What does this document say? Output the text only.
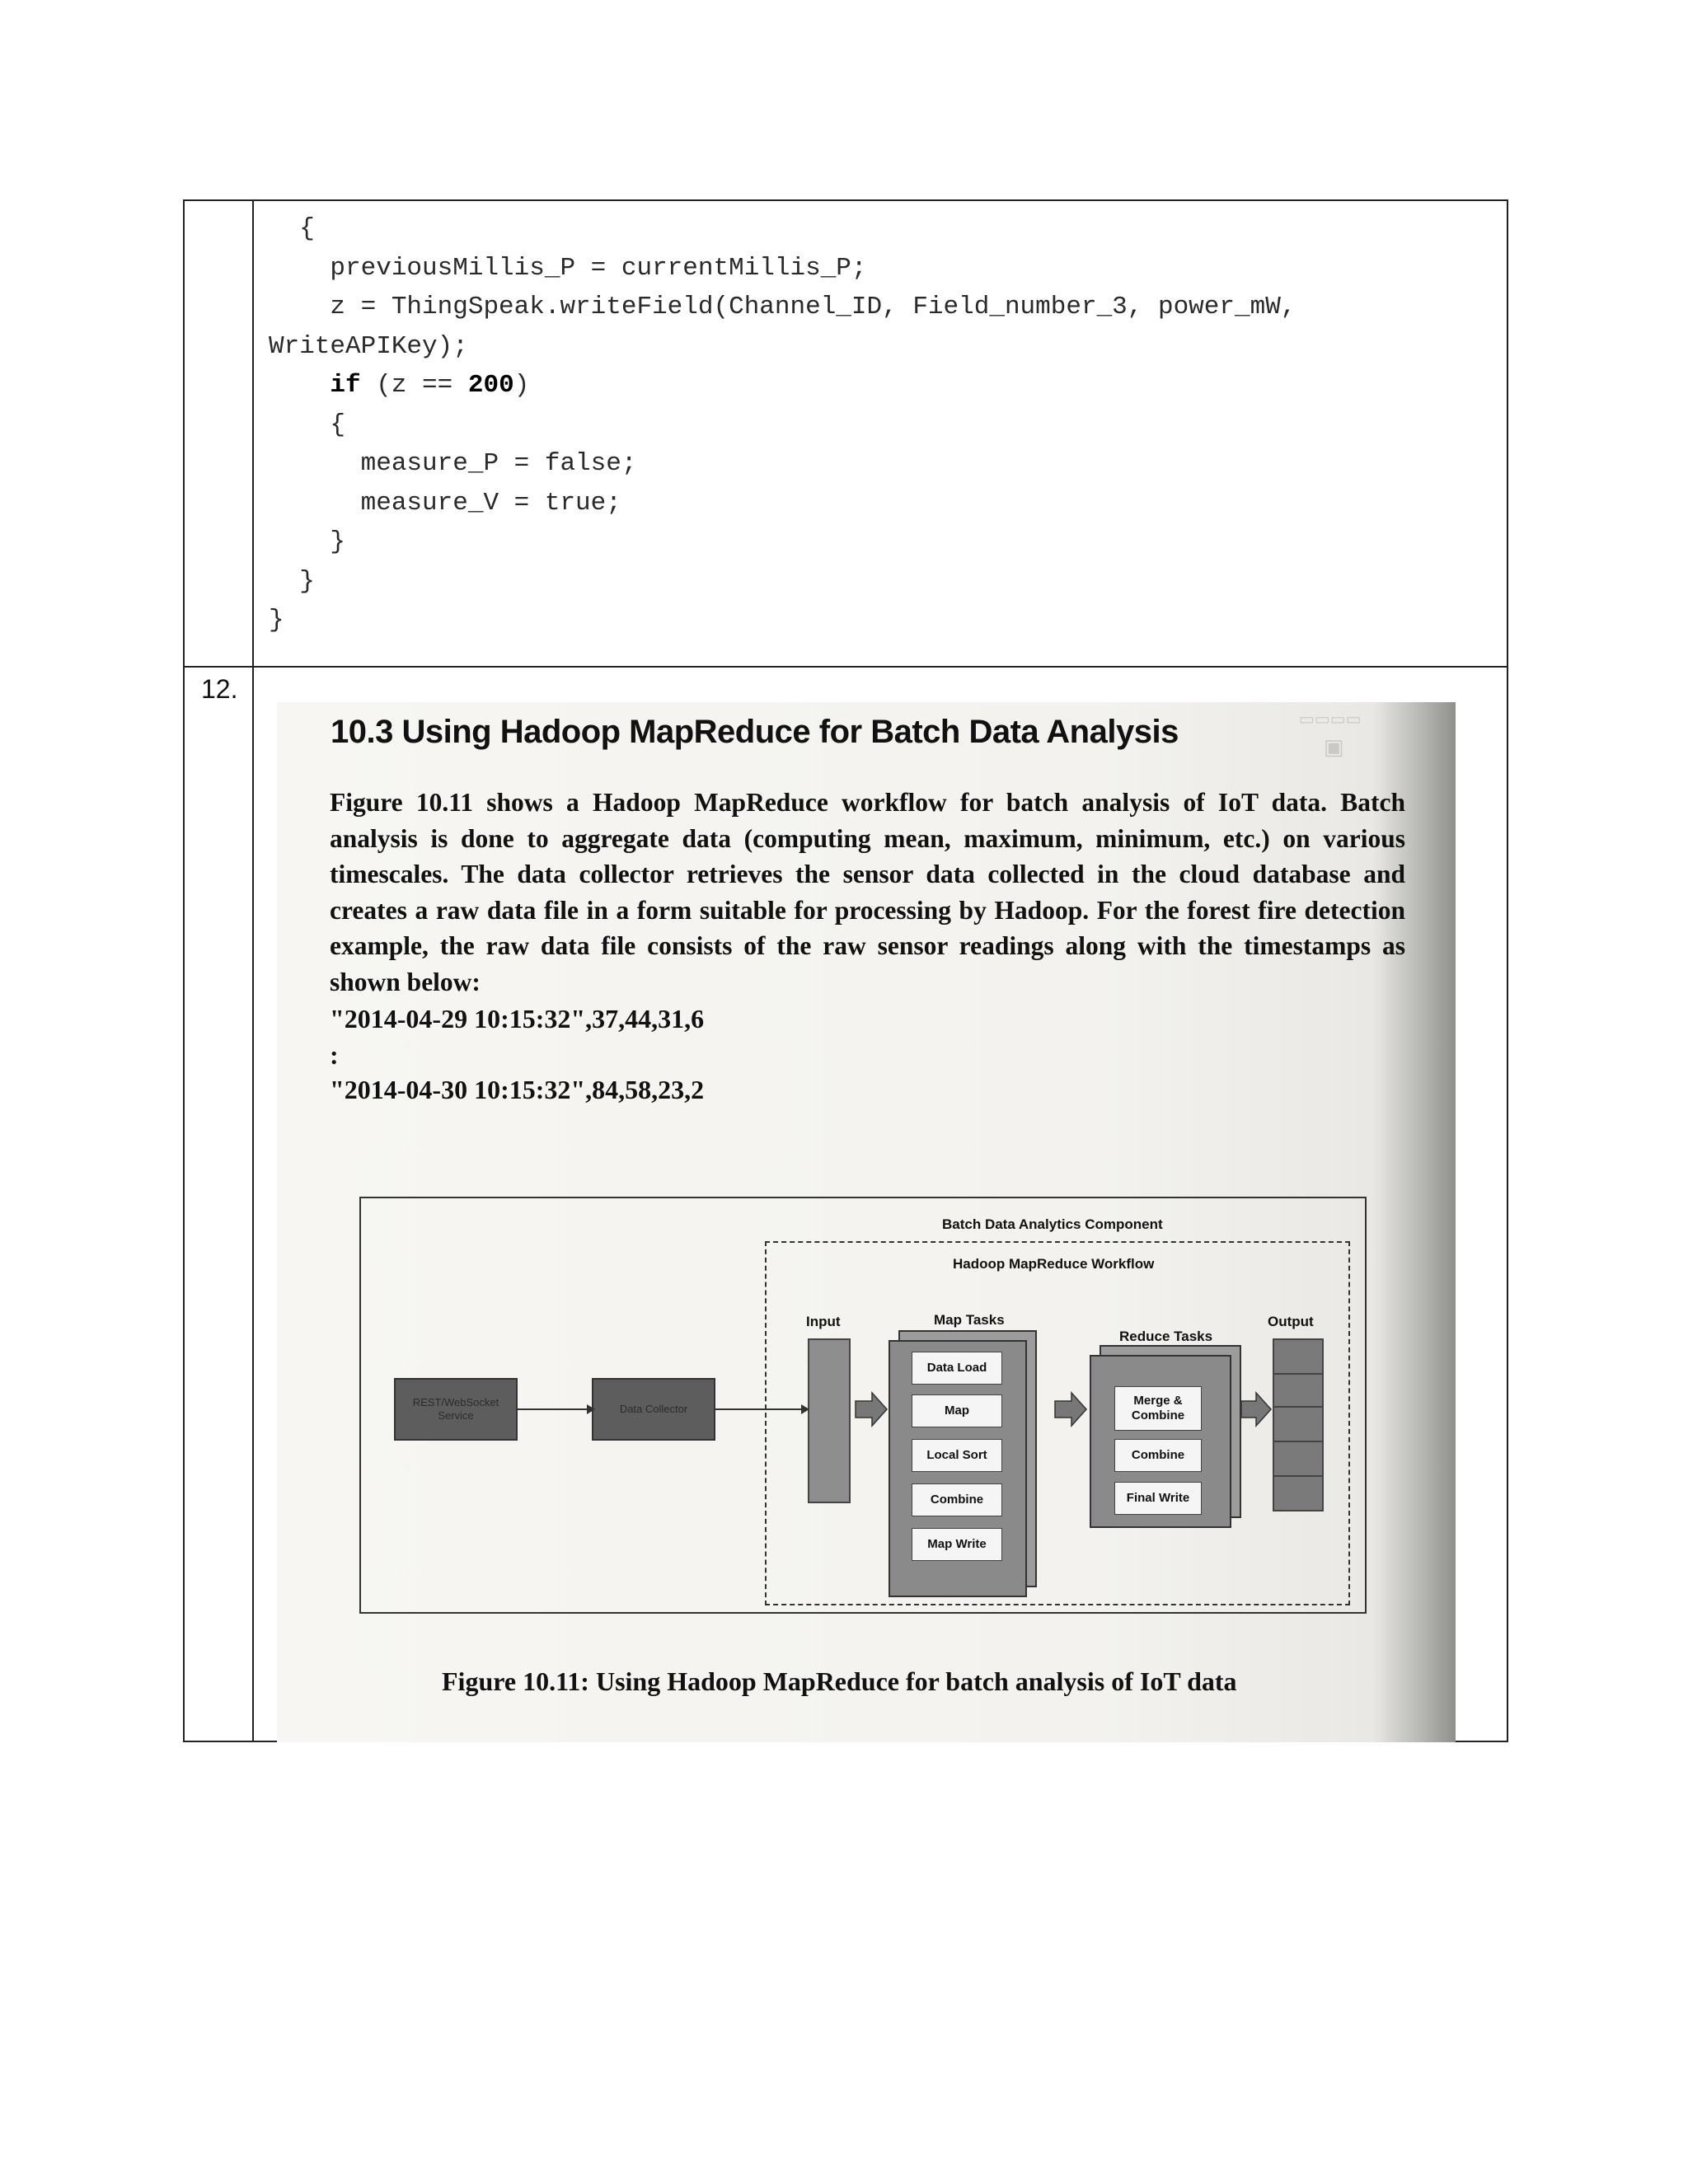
{
previousMillis_P = currentMillis_P;
z = ThingSpeak.writeField(Channel_ID, Field_number_3, power_mW,
WriteAPIKey);
if (z == 200)
{
measure_P = false;
measure_V = true;
}
}
}
12.
▭▭▭▭
▣
10.3 Using Hadoop MapReduce for Batch Data Analysis
Figure 10.11 shows a Hadoop MapReduce workflow for batch analysis of IoT data. Batch analysis is done to aggregate data (computing mean, maximum, minimum, etc.) on various timescales. The data collector retrieves the sensor data collected in the cloud database and creates a raw data file in a form suitable for processing by Hadoop. For the forest fire detection example, the raw data file consists of the raw sensor readings along with the timestamps as shown below:
"2014-04-29 10:15:32",37,44,31,6
:
"2014-04-30 10:15:32",84,58,23,2
Batch Data Analytics Component
Hadoop MapReduce Workflow
Input	Map Tasks
Reduce Tasks
Output
REST/WebSocket Service
Data Collector
Data Load
Map
Local Sort
Combine
Map Write
Merge & Combine
Combine
Final Write
Figure 10.11: Using Hadoop MapReduce for batch analysis of IoT data
